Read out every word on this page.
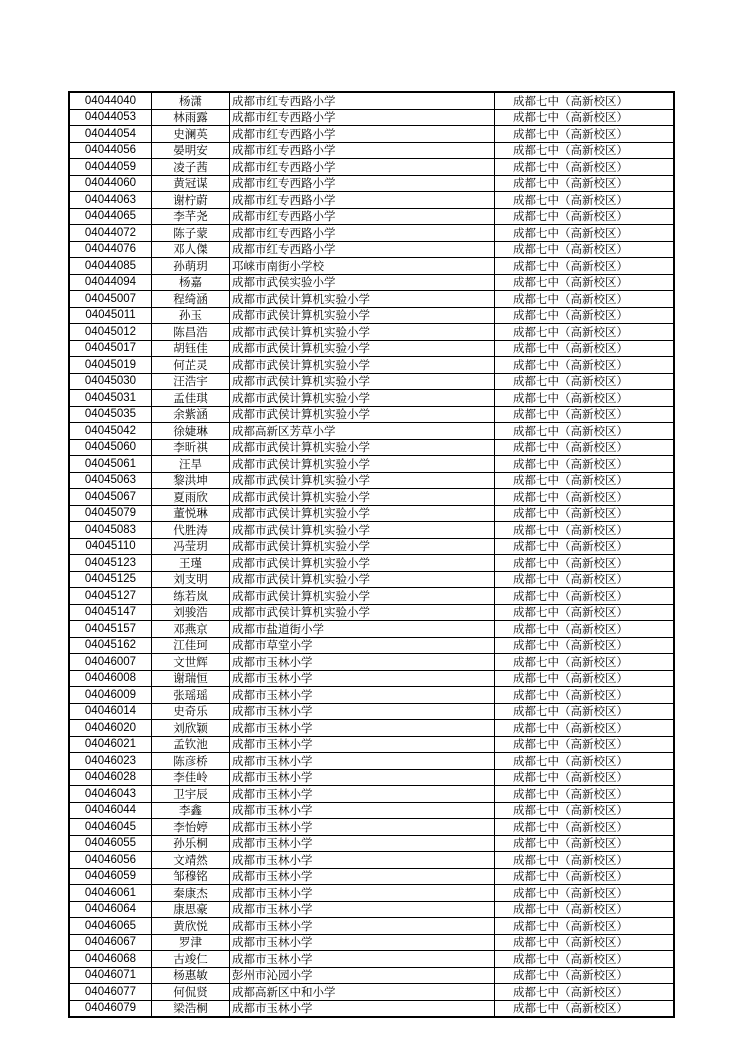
04044040	杨潇	成都市红专西路小学	成都七中（高新校区）
04044053	林雨露	成都市红专西路小学	成都七中（高新校区）
04044054	史澜英	成都市红专西路小学	成都七中（高新校区）
04044056	晏明安	成都市红专西路小学	成都七中（高新校区）
04044059	凌子茜	成都市红专西路小学	成都七中（高新校区）
04044060	黄冠谋	成都市红专西路小学	成都七中（高新校区）
04044063	谢柠蔚	成都市红专西路小学	成都七中（高新校区）
04044065	李芊尧	成都市红专西路小学	成都七中（高新校区）
04044072	陈子蒙	成都市红专西路小学	成都七中（高新校区）
04044076	邓人傑	成都市红专西路小学	成都七中（高新校区）
04044085	孙萌玥	邛崃市南街小学校	成都七中（高新校区）
04044094	杨嘉	成都市武侯实验小学	成都七中（高新校区）
04045007	程绮涵	成都市武侯计算机实验小学	成都七中（高新校区）
04045011	孙玉	成都市武侯计算机实验小学	成都七中（高新校区）
04045012	陈昌浩	成都市武侯计算机实验小学	成都七中（高新校区）
04045017	胡钰佳	成都市武侯计算机实验小学	成都七中（高新校区）
04045019	何芷灵	成都市武侯计算机实验小学	成都七中（高新校区）
04045030	汪浩宇	成都市武侯计算机实验小学	成都七中（高新校区）
04045031	孟佳琪	成都市武侯计算机实验小学	成都七中（高新校区）
04045035	余紫涵	成都市武侯计算机实验小学	成都七中（高新校区）
04045042	徐婕琳	成都高新区芳草小学	成都七中（高新校区）
04045060	李昕祺	成都市武侯计算机实验小学	成都七中（高新校区）
04045061	汪旱	成都市武侯计算机实验小学	成都七中（高新校区）
04045063	黎洪坤	成都市武侯计算机实验小学	成都七中（高新校区）
04045067	夏雨欣	成都市武侯计算机实验小学	成都七中（高新校区）
04045079	董悦琳	成都市武侯计算机实验小学	成都七中（高新校区）
04045083	代胜涛	成都市武侯计算机实验小学	成都七中（高新校区）
04045110	冯莹玥	成都市武侯计算机实验小学	成都七中（高新校区）
04045123	王瑾	成都市武侯计算机实验小学	成都七中（高新校区）
04045125	刘支明	成都市武侯计算机实验小学	成都七中（高新校区）
04045127	练若岚	成都市武侯计算机实验小学	成都七中（高新校区）
04045147	刘骏浩	成都市武侯计算机实验小学	成都七中（高新校区）
04045157	邓燕京	成都市盐道街小学	成都七中（高新校区）
04045162	江佳珂	成都市草堂小学	成都七中（高新校区）
04046007	文世辉	成都市玉林小学	成都七中（高新校区）
04046008	谢瑞恒	成都市玉林小学	成都七中（高新校区）
04046009	张瑶瑶	成都市玉林小学	成都七中（高新校区）
04046014	史奇乐	成都市玉林小学	成都七中（高新校区）
04046020	刘欣颖	成都市玉林小学	成都七中（高新校区）
04046021	孟钦池	成都市玉林小学	成都七中（高新校区）
04046023	陈彦桥	成都市玉林小学	成都七中（高新校区）
04046028	李佳岭	成都市玉林小学	成都七中（高新校区）
04046043	卫宇辰	成都市玉林小学	成都七中（高新校区）
04046044	李鑫	成都市玉林小学	成都七中（高新校区）
04046045	李怡婷	成都市玉林小学	成都七中（高新校区）
04046055	孙乐桐	成都市玉林小学	成都七中（高新校区）
04046056	文靖然	成都市玉林小学	成都七中（高新校区）
04046059	邹穆铭	成都市玉林小学	成都七中（高新校区）
04046061	秦康杰	成都市玉林小学	成都七中（高新校区）
04046064	康思豪	成都市玉林小学	成都七中（高新校区）
04046065	黄欣悦	成都市玉林小学	成都七中（高新校区）
04046067	罗津	成都市玉林小学	成都七中（高新校区）
04046068	古竣仁	成都市玉林小学	成都七中（高新校区）
04046071	杨惠敏	彭州市沁园小学	成都七中（高新校区）
04046077	何侃贤	成都高新区中和小学	成都七中（高新校区）
04046079	梁浩桐	成都市玉林小学	成都七中（高新校区）
